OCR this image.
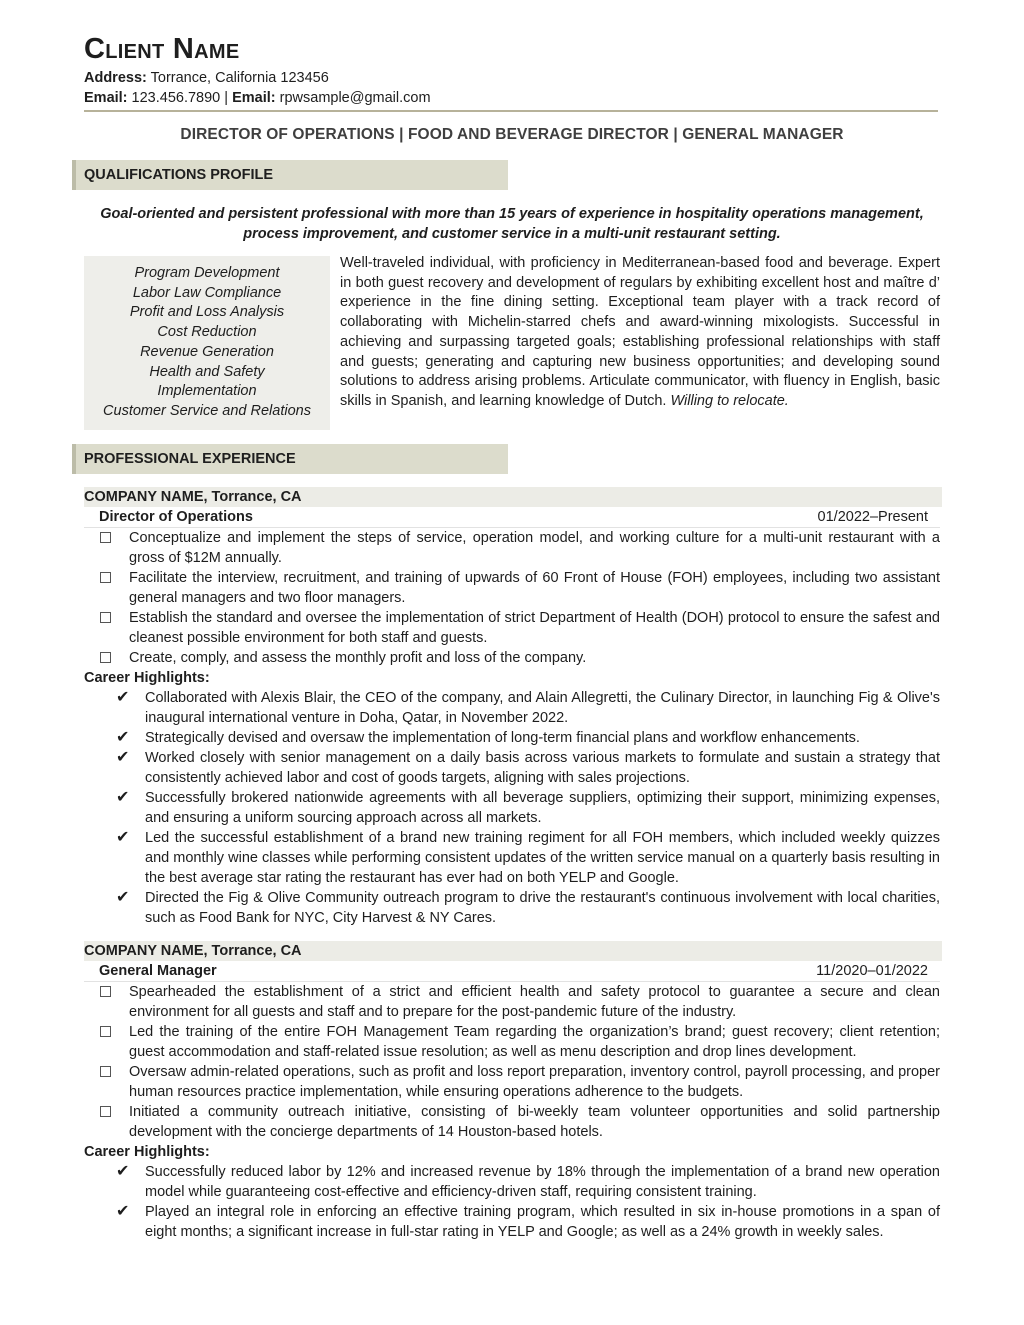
Client Name
Address: Torrance, California 123456
Email: 123.456.7890 | Email: rpwsample@gmail.com
DIRECTOR OF OPERATIONS | FOOD AND BEVERAGE DIRECTOR | GENERAL MANAGER
QUALIFICATIONS PROFILE
Goal-oriented and persistent professional with more than 15 years of experience in hospitality operations management, process improvement, and customer service in a multi-unit restaurant setting.
Program Development
Labor Law Compliance
Profit and Loss Analysis
Cost Reduction
Revenue Generation
Health and Safety
Implementation
Customer Service and Relations
Well-traveled individual, with proficiency in Mediterranean-based food and beverage. Expert in both guest recovery and development of regulars by exhibiting excellent host and maître d’ experience in the fine dining setting. Exceptional team player with a track record of collaborating with Michelin-starred chefs and award-winning mixologists. Successful in achieving and surpassing targeted goals; establishing professional relationships with staff and guests; generating and capturing new business opportunities; and developing sound solutions to address arising problems. Articulate communicator, with fluency in English, basic skills in Spanish, and learning knowledge of Dutch. Willing to relocate.
PROFESSIONAL EXPERIENCE
COMPANY NAME, Torrance, CA
Director of Operations	01/2022–Present
Conceptualize and implement the steps of service, operation model, and working culture for a multi-unit restaurant with a gross of $12M annually.
Facilitate the interview, recruitment, and training of upwards of 60 Front of House (FOH) employees, including two assistant general managers and two floor managers.
Establish the standard and oversee the implementation of strict Department of Health (DOH) protocol to ensure the safest and cleanest possible environment for both staff and guests.
Create, comply, and assess the monthly profit and loss of the company.
Career Highlights:
✔ Collaborated with Alexis Blair, the CEO of the company, and Alain Allegretti, the Culinary Director, in launching Fig & Olive's inaugural international venture in Doha, Qatar, in November 2022.
✔ Strategically devised and oversaw the implementation of long-term financial plans and workflow enhancements.
✔ Worked closely with senior management on a daily basis across various markets to formulate and sustain a strategy that consistently achieved labor and cost of goods targets, aligning with sales projections.
✔ Successfully brokered nationwide agreements with all beverage suppliers, optimizing their support, minimizing expenses, and ensuring a uniform sourcing approach across all markets.
✔ Led the successful establishment of a brand new training regiment for all FOH members, which included weekly quizzes and monthly wine classes while performing consistent updates of the written service manual on a quarterly basis resulting in the best average star rating the restaurant has ever had on both YELP and Google.
✔ Directed the Fig & Olive Community outreach program to drive the restaurant's continuous involvement with local charities, such as Food Bank for NYC, City Harvest & NY Cares.
COMPANY NAME, Torrance, CA
General Manager	11/2020–01/2022
Spearheaded the establishment of a strict and efficient health and safety protocol to guarantee a secure and clean environment for all guests and staff and to prepare for the post-pandemic future of the industry.
Led the training of the entire FOH Management Team regarding the organization’s brand; guest recovery; client retention; guest accommodation and staff-related issue resolution; as well as menu description and drop lines development.
Oversaw admin-related operations, such as profit and loss report preparation, inventory control, payroll processing, and proper human resources practice implementation, while ensuring operations adherence to the budgets.
Initiated a community outreach initiative, consisting of bi-weekly team volunteer opportunities and solid partnership development with the concierge departments of 14 Houston-based hotels.
Career Highlights:
✔ Successfully reduced labor by 12% and increased revenue by 18% through the implementation of a brand new operation model while guaranteeing cost-effective and efficiency-driven staff, requiring consistent training.
✔ Played an integral role in enforcing an effective training program, which resulted in six in-house promotions in a span of eight months; a significant increase in full-star rating in YELP and Google; as well as a 24% growth in weekly sales.
